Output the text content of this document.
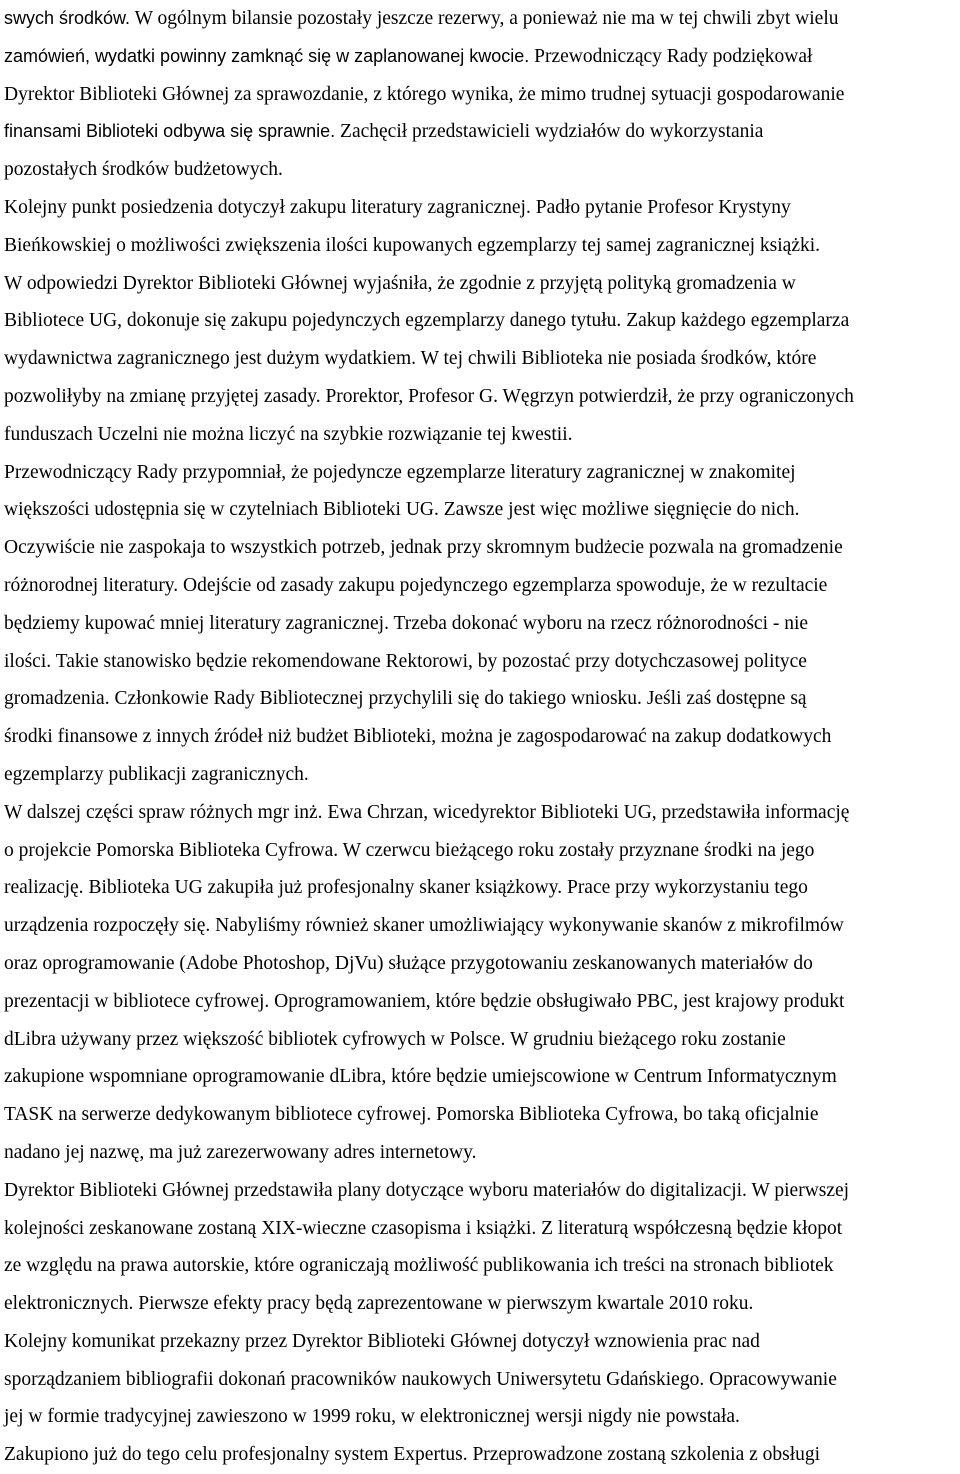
swych środków. W ogólnym bilansie pozostały jeszcze rezerwy, a ponieważ nie ma w tej chwili zbyt wielu
zamówień, wydatki powinny zamknąć się w zaplanowanej kwocie. Przewodniczący Rady podziękował
Dyrektor Biblioteki Głównej za sprawozdanie, z którego wynika, że mimo trudnej sytuacji gospodarowanie
finansami Biblioteki odbywa się sprawnie. Zachęcił przedstawicieli wydziałów do wykorzystania
pozostałych środków budżetowych.
Kolejny punkt posiedzenia dotyczył zakupu literatury zagranicznej. Padło pytanie Profesor Krystyny
Bieńkowskiej o możliwości zwiększenia ilości kupowanych egzemplarzy tej samej zagranicznej książki.
W odpowiedzi Dyrektor Biblioteki Głównej wyjaśniła, że zgodnie z przyjętą polityką gromadzenia w
Bibliotece UG, dokonuje się zakupu pojedynczych egzemplarzy danego tytułu. Zakup każdego egzemplarza
wydawnictwa zagranicznego jest dużym wydatkiem. W tej chwili Biblioteka nie posiada środków, które
pozwoliłyby na zmianę przyjętej zasady. Prorektor, Profesor G. Węgrzyn potwierdził, że przy ograniczonych
funduszach Uczelni nie można liczyć na szybkie rozwiązanie tej kwestii.
Przewodniczący Rady przypomniał, że pojedyncze egzemplarze literatury zagranicznej w znakomitej
większości udostępnia się w czytelniach Biblioteki UG. Zawsze jest więc możliwe sięgnięcie do nich.
Oczywiście nie zaspokaja to wszystkich potrzeb, jednak przy skromnym budżecie pozwala na gromadzenie
różnorodnej literatury. Odejście od zasady zakupu pojedynczego egzemplarza spowoduje, że w rezultacie
będziemy kupować mniej literatury zagranicznej. Trzeba dokonać wyboru na rzecz różnorodności - nie
ilości. Takie stanowisko będzie rekomendowane Rektorowi, by pozostać przy dotychczasowej polityce
gromadzenia. Członkowie Rady Bibliotecznej przychylili się do takiego wniosku. Jeśli zaś dostępne są
środki finansowe z innych źródeł niż budżet Biblioteki, można je zagospodarować na zakup dodatkowych
egzemplarzy publikacji zagranicznych.
W dalszej części spraw różnych mgr inż. Ewa Chrzan, wicedyrektor Biblioteki UG, przedstawiła informację
o projekcie Pomorska Biblioteka Cyfrowa. W czerwcu bieżącego roku zostały przyznane środki na jego
realizację. Biblioteka UG zakupiła już profesjonalny skaner książkowy. Prace przy wykorzystaniu tego
urządzenia rozpoczęły się. Nabyliśmy również skaner umożliwiający wykonywanie skanów z mikrofilmów
oraz oprogramowanie (Adobe Photoshop, DjVu) służące przygotowaniu zeskanowanych materiałów do
prezentacji w bibliotece cyfrowej. Oprogramowaniem, które będzie obsługiwało PBC, jest krajowy produkt
dLibra używany przez większość bibliotek cyfrowych w Polsce. W grudniu bieżącego roku zostanie
zakupione wspomniane oprogramowanie dLibra, które będzie umiejscowione w Centrum Informatycznym
TASK na serwerze dedykowanym bibliotece cyfrowej. Pomorska Biblioteka Cyfrowa, bo taką oficjalnie
nadano jej nazwę, ma już zarezerwowany adres internetowy.
Dyrektor Biblioteki Głównej przedstawiła plany dotyczące wyboru materiałów do digitalizacji. W pierwszej
kolejności zeskanowane zostaną XIX-wieczne czasopisma i książki. Z literaturą współczesną będzie kłopot
ze względu na prawa autorskie, które ograniczają możliwość publikowania ich treści na stronach bibliotek
elektronicznych. Pierwsze efekty pracy będą zaprezentowane w pierwszym kwartale 2010 roku.
Kolejny komunikat przekazny przez Dyrektor Biblioteki Głównej dotyczył wznowienia prac nad
sporządzaniem bibliografii dokonań pracowników naukowych Uniwersytetu Gdańskiego. Opracowywanie
jej w formie tradycyjnej zawieszono w 1999 roku, w elektronicznej wersji nigdy nie powstała.
Zakupiono już do tego celu profesjonalny system Expertus. Przeprowadzone zostaną szkolenia z obsługi
